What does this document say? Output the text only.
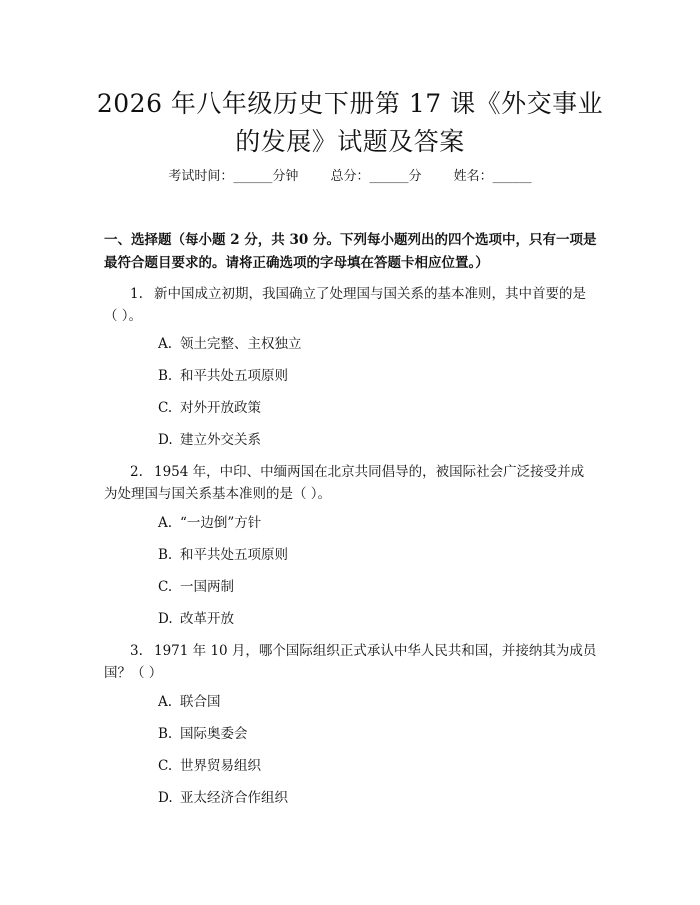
2026 年八年级历史下册第 17 课《外交事业
的发展》试题及答案
考试时间：______分钟 总分：______分 姓名：______
一、选择题（每小题 2 分，共 30 分。下列每小题列出的四个选项中，只有一项是
最符合题目要求的。请将正确选项的字母填在答题卡相应位置。）
1. 新中国成立初期，我国确立了处理国与国关系的基本准则，其中首要的是
（ ）。
A. 领土完整、主权独立
B. 和平共处五项原则
C. 对外开放政策
D. 建立外交关系
2. 1954 年，中印、中缅两国在北京共同倡导的，被国际社会广泛接受并成
为处理国与国关系基本准则的是（ ）。
A. “一边倒”方针
B. 和平共处五项原则
C. 一国两制
D. 改革开放
3. 1971 年 10 月，哪个国际组织正式承认中华人民共和国，并接纳其为成员
国？（ ）
A. 联合国
B. 国际奥委会
C. 世界贸易组织
D. 亚太经济合作组织
